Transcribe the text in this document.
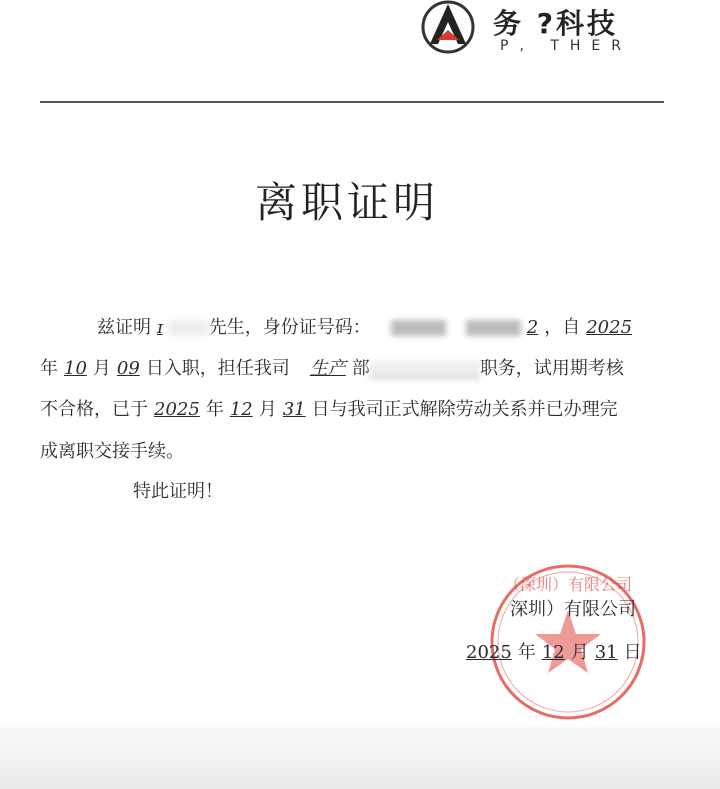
务 ?科技
P, THER
离职证明
兹证明 ɪ	先生，身份证号码：	2 ，自 2025
年 10 月 09 日入职，担任我司 生产 部	职务，试用期考核
不合格，已于 2025 年 12 月 31 日与我司正式解除劳动关系并已办理完
成离职交接手续。
特此证明！
（深圳）有限公司
深圳）有限公司
2025 年 12 月 31 日
